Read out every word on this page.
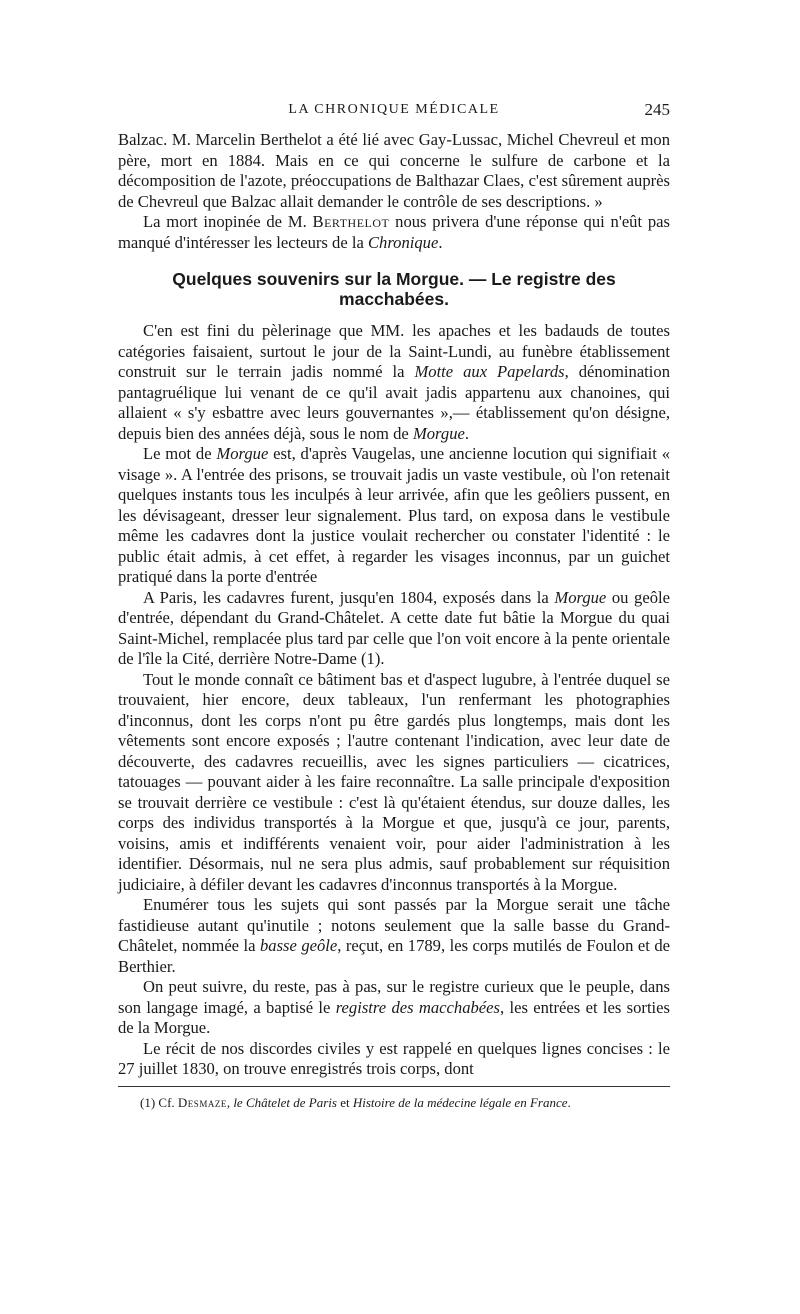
LA CHRONIQUE MÉDICALE	245

Balzac. M. Marcelin Berthelot a été lié avec Gay-Lussac, Michel Chevreul et mon père, mort en 1884. Mais en ce qui concerne le sulfure de carbone et la décomposition de l'azote, préoccupations de Balthazar Claes, c'est sûrement auprès de Chevreul que Balzac allait demander le contrôle de ses descriptions. »

La mort inopinée de M. Berthelot nous privera d'une réponse qui n'eût pas manqué d'intéresser les lecteurs de la Chronique.

Quelques souvenirs sur la Morgue. — Le registre des
macchabées.

C'en est fini du pèlerinage que MM. les apaches et les badauds de toutes catégories faisaient, surtout le jour de la Saint-Lundi, au funèbre établissement construit sur le terrain jadis nommé la Motte aux Papelards, dénomination pantagruélique lui venant de ce qu'il avait jadis appartenu aux chanoines, qui allaient « s'y esbattre avec leurs gouvernantes »,— établissement qu'on désigne, depuis bien des années déjà, sous le nom de Morgue.

Le mot de Morgue est, d'après Vaugelas, une ancienne locution qui signifiait « visage ». A l'entrée des prisons, se trouvait jadis un vaste vestibule, où l'on retenait quelques instants tous les inculpés à leur arrivée, afin que les geôliers pussent, en les dévisageant, dresser leur signalement. Plus tard, on exposa dans le vestibule même les cadavres dont la justice voulait rechercher ou constater l'identité : le public était admis, à cet effet, à regarder les visages inconnus, par un guichet pratiqué dans la porte d'entrée

A Paris, les cadavres furent, jusqu'en 1804, exposés dans la Morgue ou geôle d'entrée, dépendant du Grand-Châtelet. A cette date fut bâtie la Morgue du quai Saint-Michel, remplacée plus tard par celle que l'on voit encore à la pente orientale de l'île la Cité, derrière Notre-Dame (1).

Tout le monde connaît ce bâtiment bas et d'aspect lugubre, à l'entrée duquel se trouvaient, hier encore, deux tableaux, l'un renfermant les photographies d'inconnus, dont les corps n'ont pu être gardés plus longtemps, mais dont les vêtements sont encore exposés ; l'autre contenant l'indication, avec leur date de découverte, des cadavres recueillis, avec les signes particuliers — cicatrices, tatouages — pouvant aider à les faire reconnaître. La salle principale d'exposition se trouvait derrière ce vestibule : c'est là qu'étaient étendus, sur douze dalles, les corps des individus transportés à la Morgue et que, jusqu'à ce jour, parents, voisins, amis et indifférents venaient voir, pour aider l'administration à les identifier. Désormais, nul ne sera plus admis, sauf probablement sur réquisition judiciaire, à défiler devant les cadavres d'inconnus transportés à la Morgue.

Enumérer tous les sujets qui sont passés par la Morgue serait une tâche fastidieuse autant qu'inutile ; notons seulement que la salle basse du Grand-Châtelet, nommée la basse geôle, reçut, en 1789, les corps mutilés de Foulon et de Berthier.

On peut suivre, du reste, pas à pas, sur le registre curieux que le peuple, dans son langage imagé, a baptisé le registre des macchabées, les entrées et les sorties de la Morgue.

Le récit de nos discordes civiles y est rappelé en quelques lignes concises : le 27 juillet 1830, on trouve enregistrés trois corps, dont

(1) Cf. Desmaze, le Châtelet de Paris et Histoire de la médecine légale en France.
